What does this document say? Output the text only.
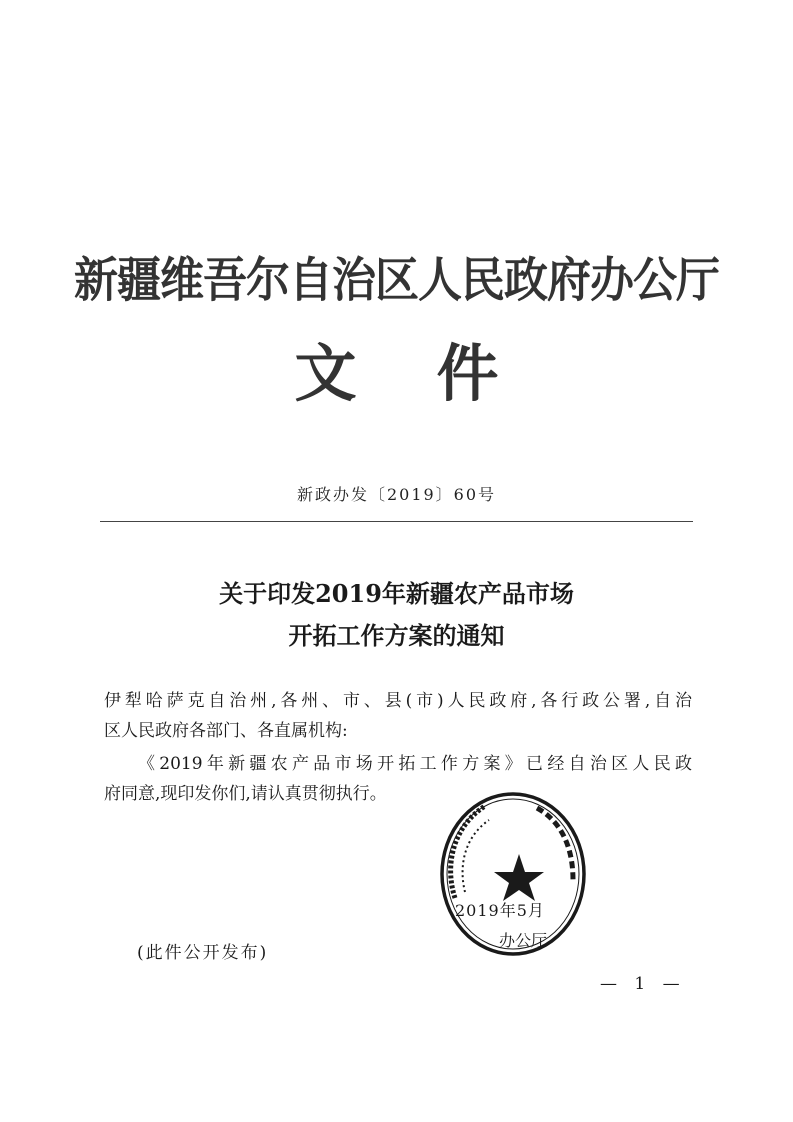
新疆维吾尔自治区人民政府办公厅
文件
新政办发〔2019〕60号
关于印发2019年新疆农产品市场
开拓工作方案的通知
伊犁哈萨克自治州,各州、市、县(市)人民政府,各行政公署,自治
区人民政府各部门、各直属机构:
《2019年新疆农产品市场开拓工作方案》已经自治区人民政
府同意,现印发你们,请认真贯彻执行。
2019年5月
办公厅
(此件公开发布)
— 1 —
